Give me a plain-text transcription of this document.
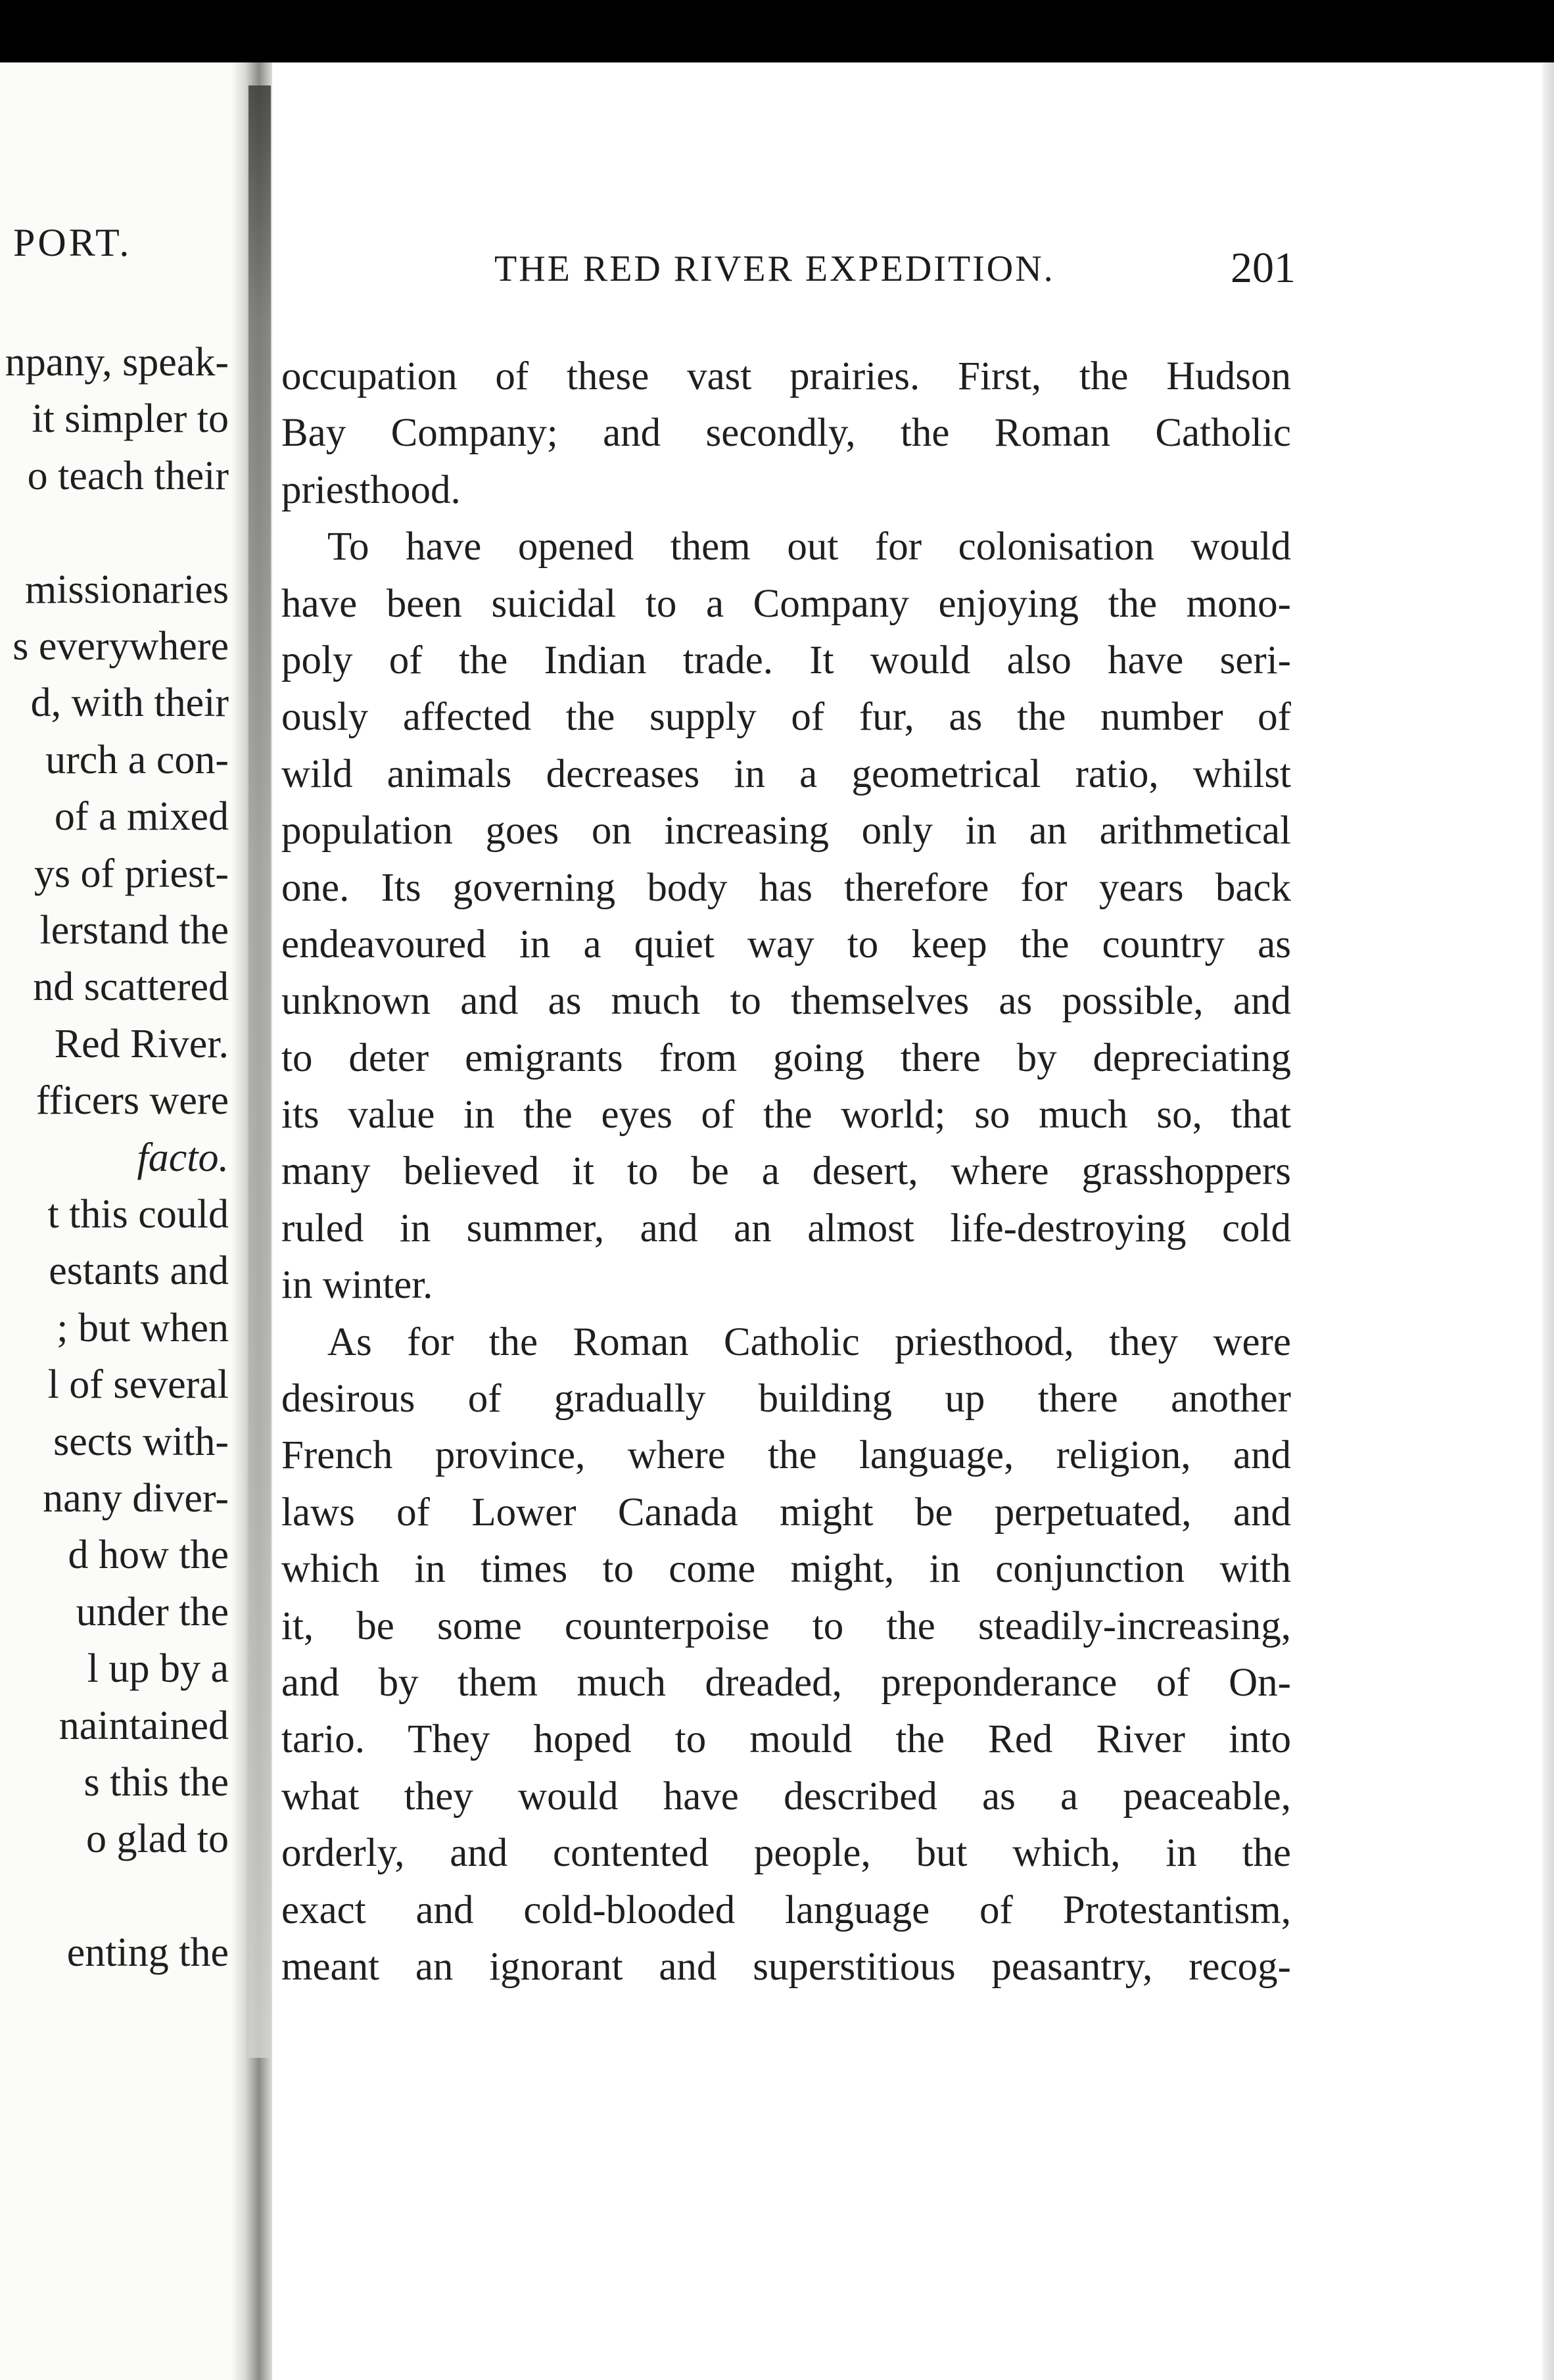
PORT.
npany, speak-
it simpler to
o teach their
missionaries
s everywhere
d, with their
urch a con-
of a mixed
ys of priest-
lerstand the
nd scattered
Red River.
fficers were
facto.
t this could
estants and
; but when
l of several
sects with-
nany diver-
d how the
under the
l up by a
naintained
s this the
o glad to
enting the
THE RED RIVER EXPEDITION.	201
occupation of these vast prairies. First, the Hudson
Bay Company; and secondly, the Roman Catholic
priesthood.
To have opened them out for colonisation would
have been suicidal to a Company enjoying the mono-
poly of the Indian trade. It would also have seri-
ously affected the supply of fur, as the number of
wild animals decreases in a geometrical ratio, whilst
population goes on increasing only in an arithmetical
one. Its governing body has therefore for years back
endeavoured in a quiet way to keep the country as
unknown and as much to themselves as possible, and
to deter emigrants from going there by depreciating
its value in the eyes of the world; so much so, that
many believed it to be a desert, where grasshoppers
ruled in summer, and an almost life-destroying cold
in winter.
As for the Roman Catholic priesthood, they were
desirous of gradually building up there another
French province, where the language, religion, and
laws of Lower Canada might be perpetuated, and
which in times to come might, in conjunction with
it, be some counterpoise to the steadily-increasing,
and by them much dreaded, preponderance of On-
tario. They hoped to mould the Red River into
what they would have described as a peaceable,
orderly, and contented people, but which, in the
exact and cold-blooded language of Protestantism,
meant an ignorant and superstitious peasantry, recog-
